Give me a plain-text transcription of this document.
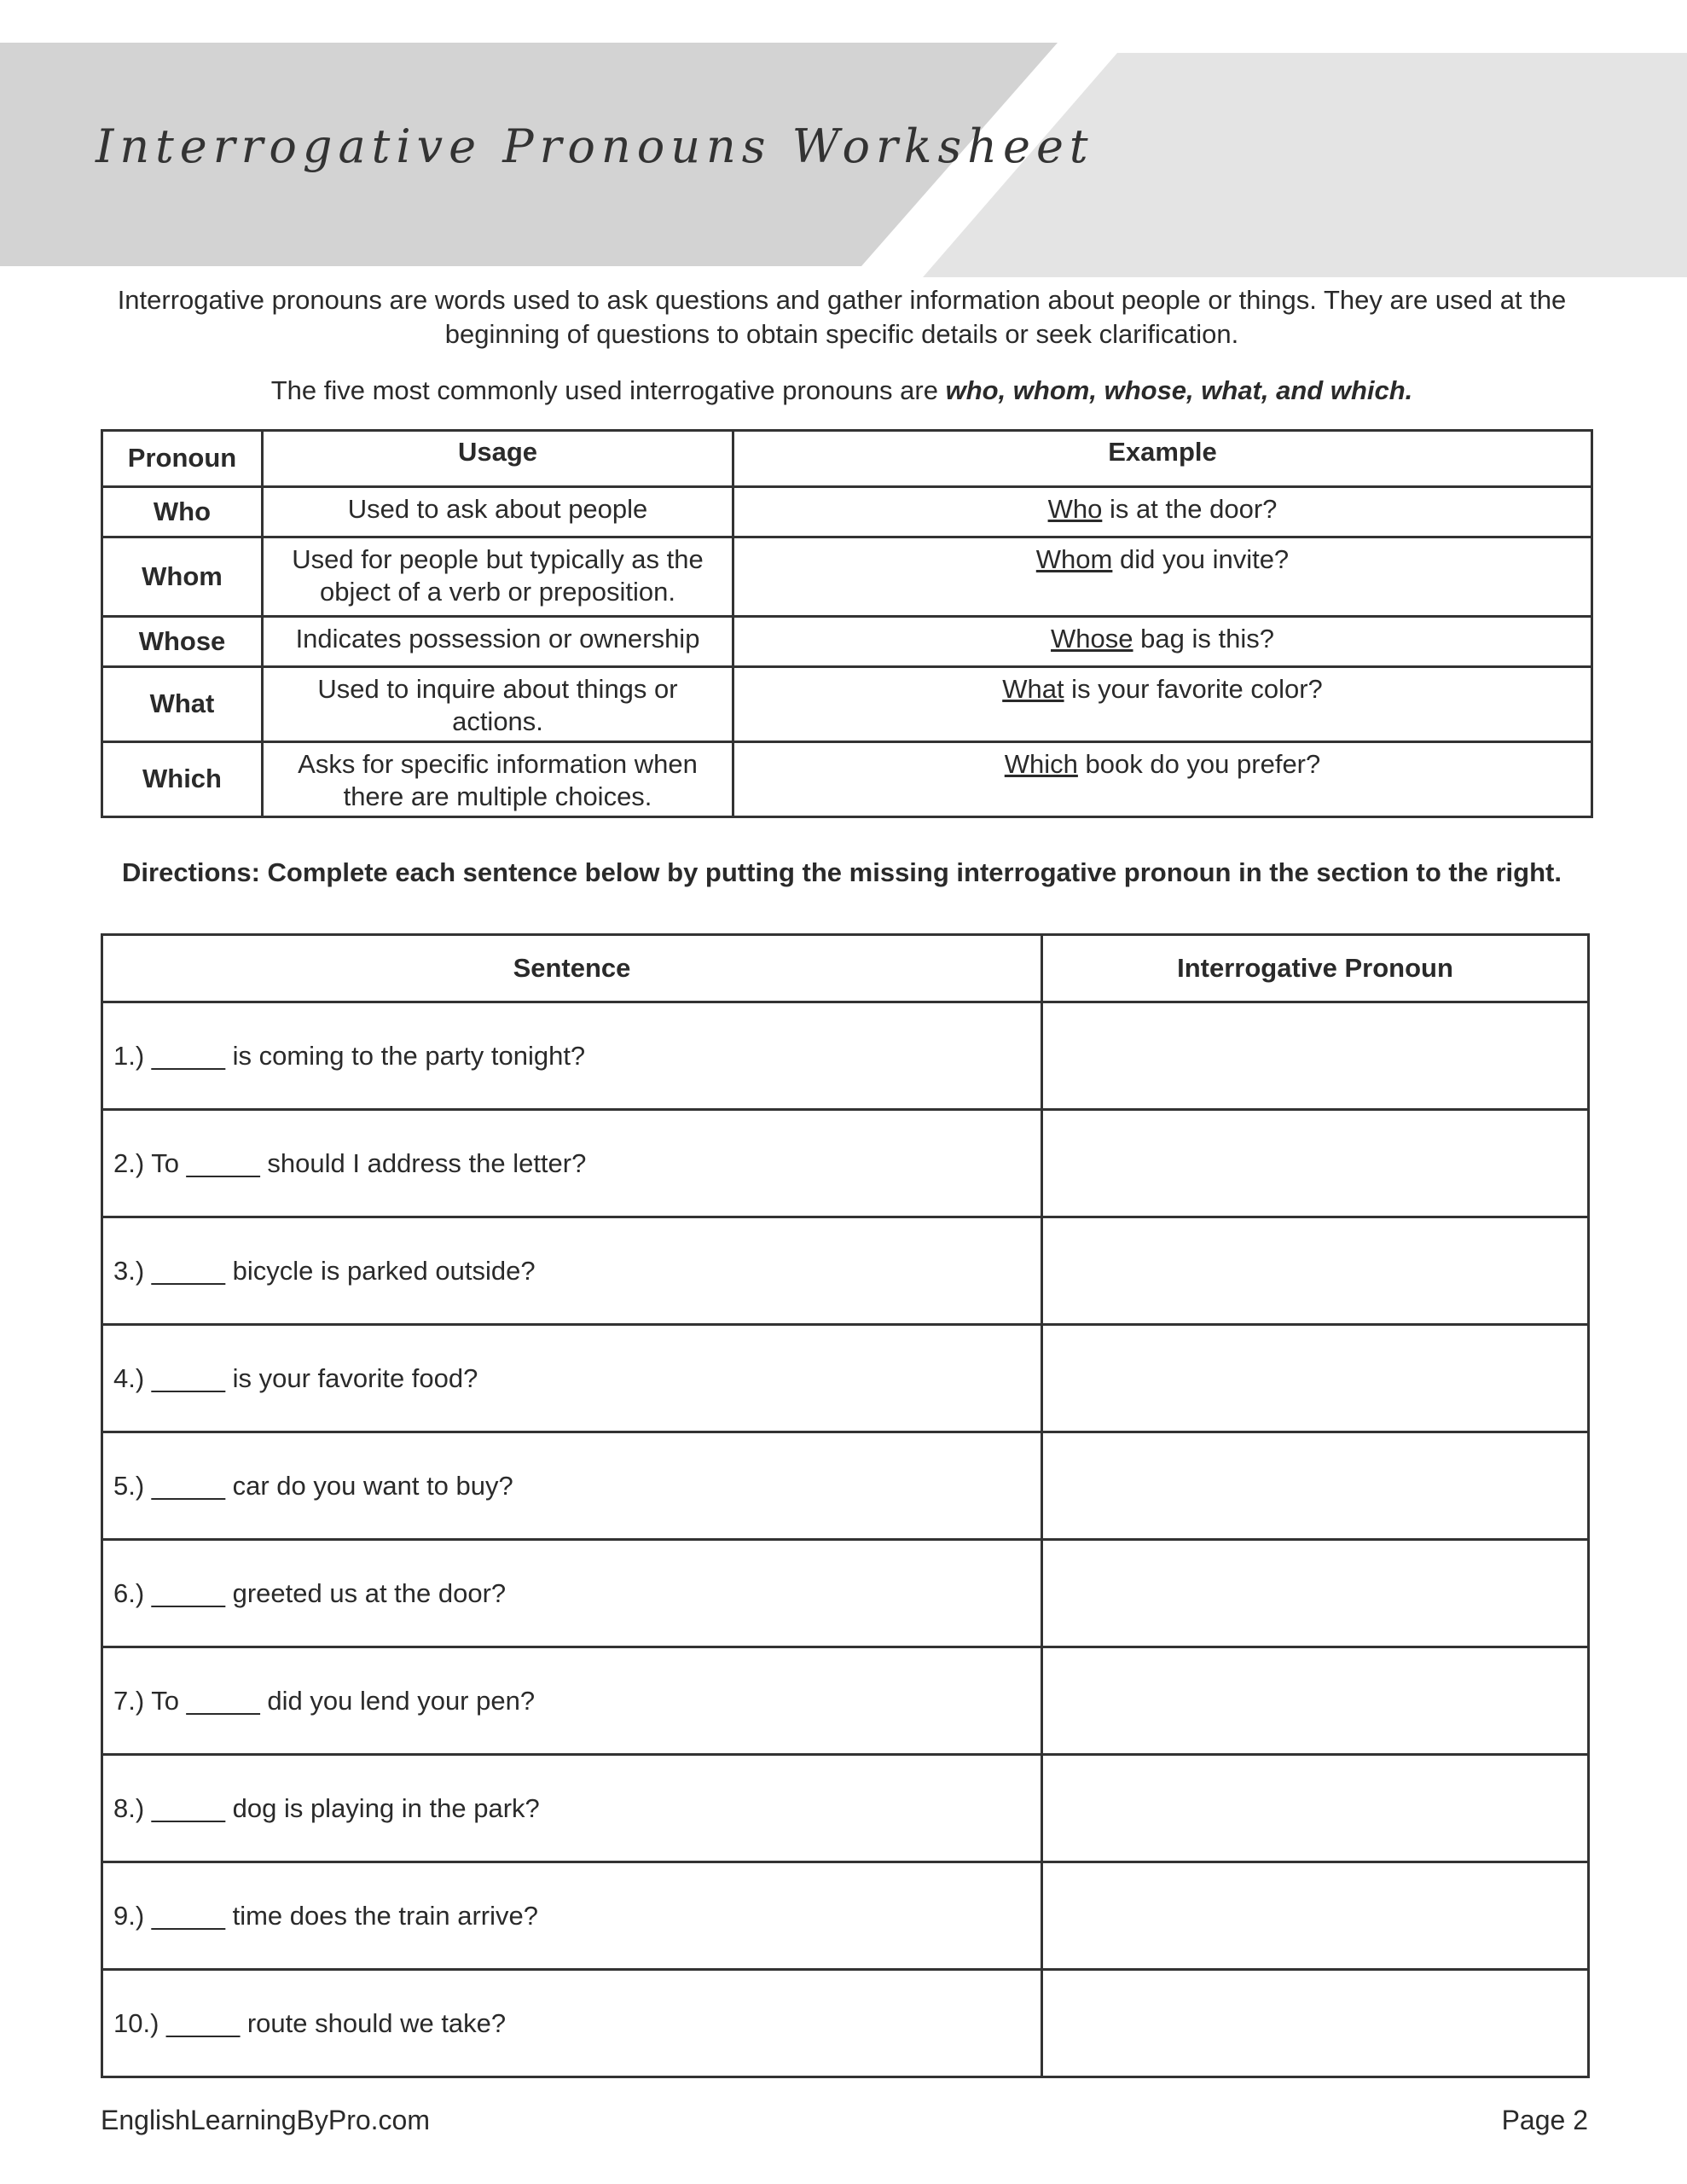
Interrogative Pronouns Worksheet
Interrogative pronouns are words used to ask questions and gather information about people or things. They are used at the beginning of questions to obtain specific details or seek clarification.
The five most commonly used interrogative pronouns are who, whom, whose, what, and which.
Pronoun	Usage	Example
Who	Used to ask about people	Who is at the door?
Whom	Used for people but typically as the object of a verb or preposition.	Whom did you invite?
Whose	Indicates possession or ownership	Whose bag is this?
What	Used to inquire about things or actions.	What is your favorite color?
Which	Asks for specific information when there are multiple choices.	Which book do you prefer?
Directions: Complete each sentence below by putting the missing interrogative pronoun in the section to the right.
Sentence	Interrogative Pronoun
1.) _____ is coming to the party tonight?	
2.) To _____ should I address the letter?	
3.) _____ bicycle is parked outside?	
4.) _____ is your favorite food?	
5.) _____ car do you want to buy?	
6.) _____ greeted us at the door?	
7.) To _____ did you lend your pen?	
8.) _____ dog is playing in the park?	
9.) _____ time does the train arrive?	
10.) _____ route should we take?	
EnglishLearningByPro.com	Page 2
